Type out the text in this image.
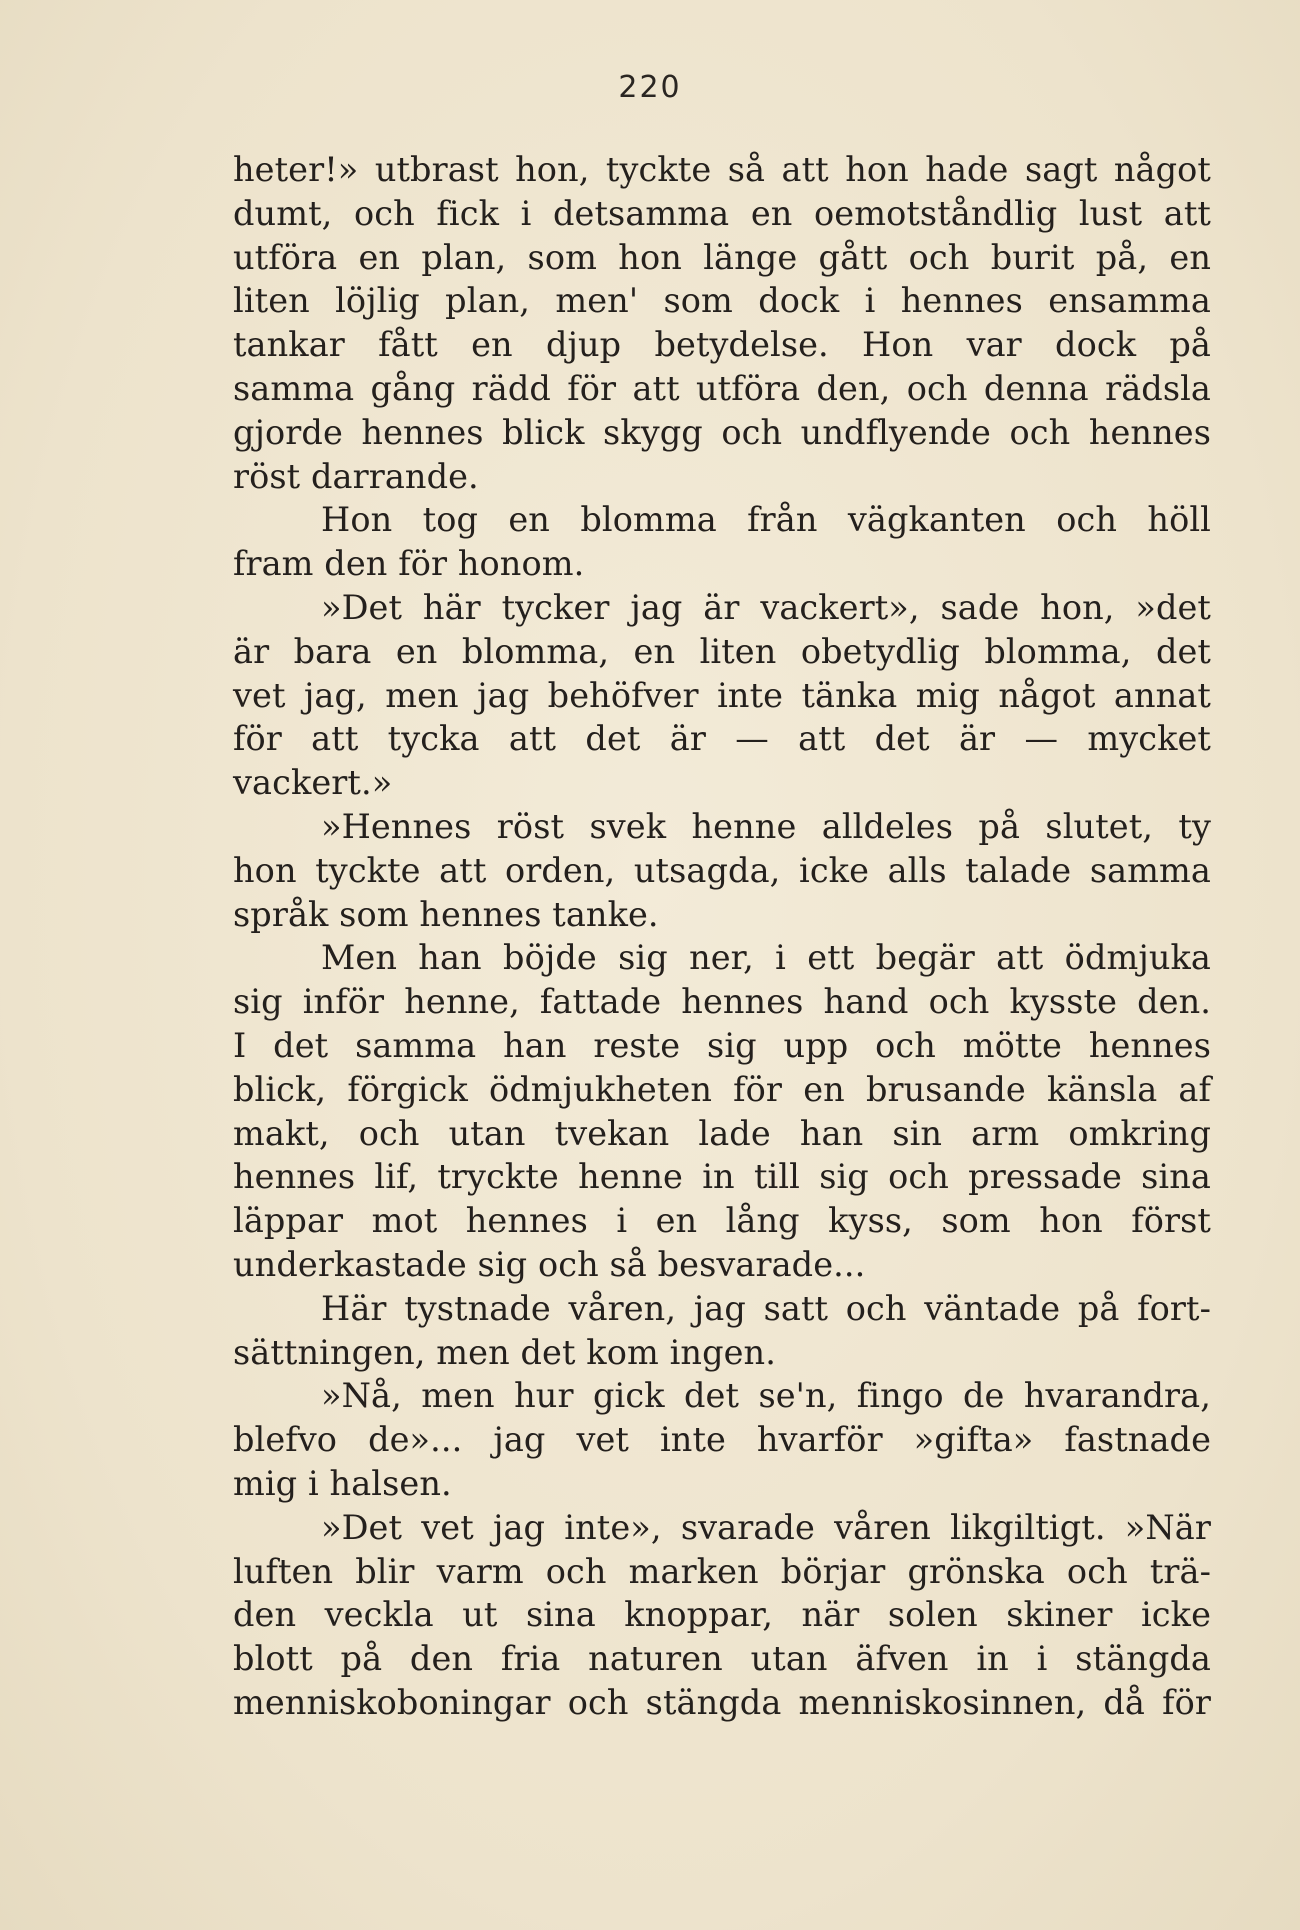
220
heter!» utbrast hon, tyckte så att hon hade sagt något
dumt, och fick i detsamma en oemotståndlig lust att
utföra en plan, som hon länge gått och burit på, en
liten löjlig plan, men' som dock i hennes ensamma
tankar fått en djup betydelse. Hon var dock på
samma gång rädd för att utföra den, och denna rädsla
gjorde hennes blick skygg och undflyende och hennes
röst darrande.
Hon tog en blomma från vägkanten och höll
fram den för honom.
»Det här tycker jag är vackert», sade hon, »det
är bara en blomma, en liten obetydlig blomma, det
vet jag, men jag behöfver inte tänka mig något annat
för att tycka att det är — att det är — mycket
vackert.»
»Hennes röst svek henne alldeles på slutet, ty
hon tyckte att orden, utsagda, icke alls talade samma
språk som hennes tanke.
Men han böjde sig ner, i ett begär att ödmjuka
sig inför henne, fattade hennes hand och kysste den.
I det samma han reste sig upp och mötte hennes
blick, förgick ödmjukheten för en brusande känsla af
makt, och utan tvekan lade han sin arm omkring
hennes lif, tryckte henne in till sig och pressade sina
läppar mot hennes i en lång kyss, som hon först
underkastade sig och så besvarade...
Här tystnade våren, jag satt och väntade på fort-
sättningen, men det kom ingen.
»Nå, men hur gick det se'n, fingo de hvarandra,
blefvo de»... jag vet inte hvarför »gifta» fastnade
mig i halsen.
»Det vet jag inte», svarade våren likgiltigt. »När
luften blir varm och marken börjar grönska och trä-
den veckla ut sina knoppar, när solen skiner icke
blott på den fria naturen utan äfven in i stängda
menniskoboningar och stängda menniskosinnen, då för
